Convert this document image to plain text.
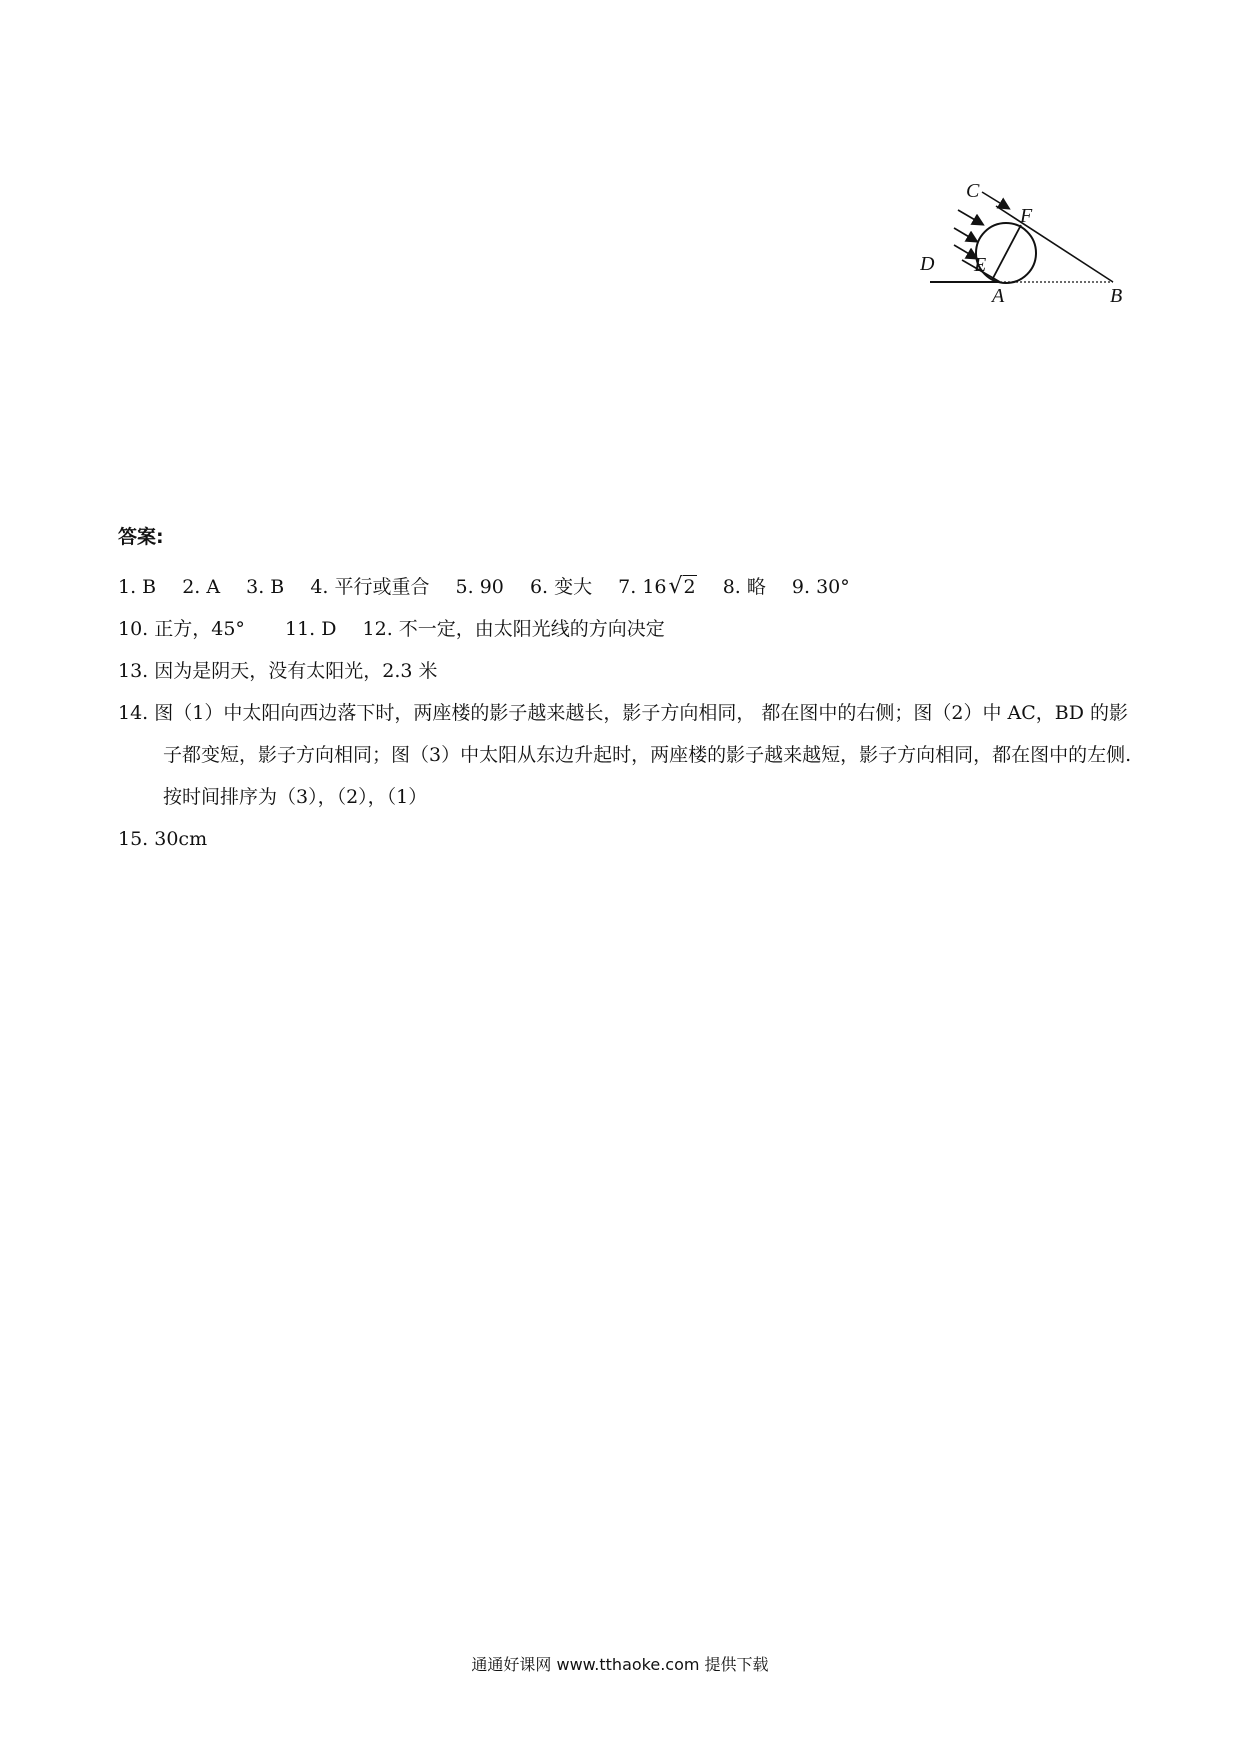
C
F
D E
A	B
答案:
1. B 2. A 3. B 4. 平行或重合 5. 90 6. 变大 7. 16√2 8. 略 9. 30°
10. 正方，45° 11. D 12. 不一定，由太阳光线的方向决定
13. 因为是阴天，没有太阳光，2.3 米
14. 图（1）中太阳向西边落下时，两座楼的影子越来越长，影子方向相同， 都在图中的右侧；图（2）中 AC，BD 的影子都变短，影子方向相同；图（3）中太阳从东边升起时，两座楼的影子越来越短，影子方向相同，都在图中的左侧. 按时间排序为（3），（2），（1）
15. 30cm
通通好课网 www.tthaoke.com 提供下载
